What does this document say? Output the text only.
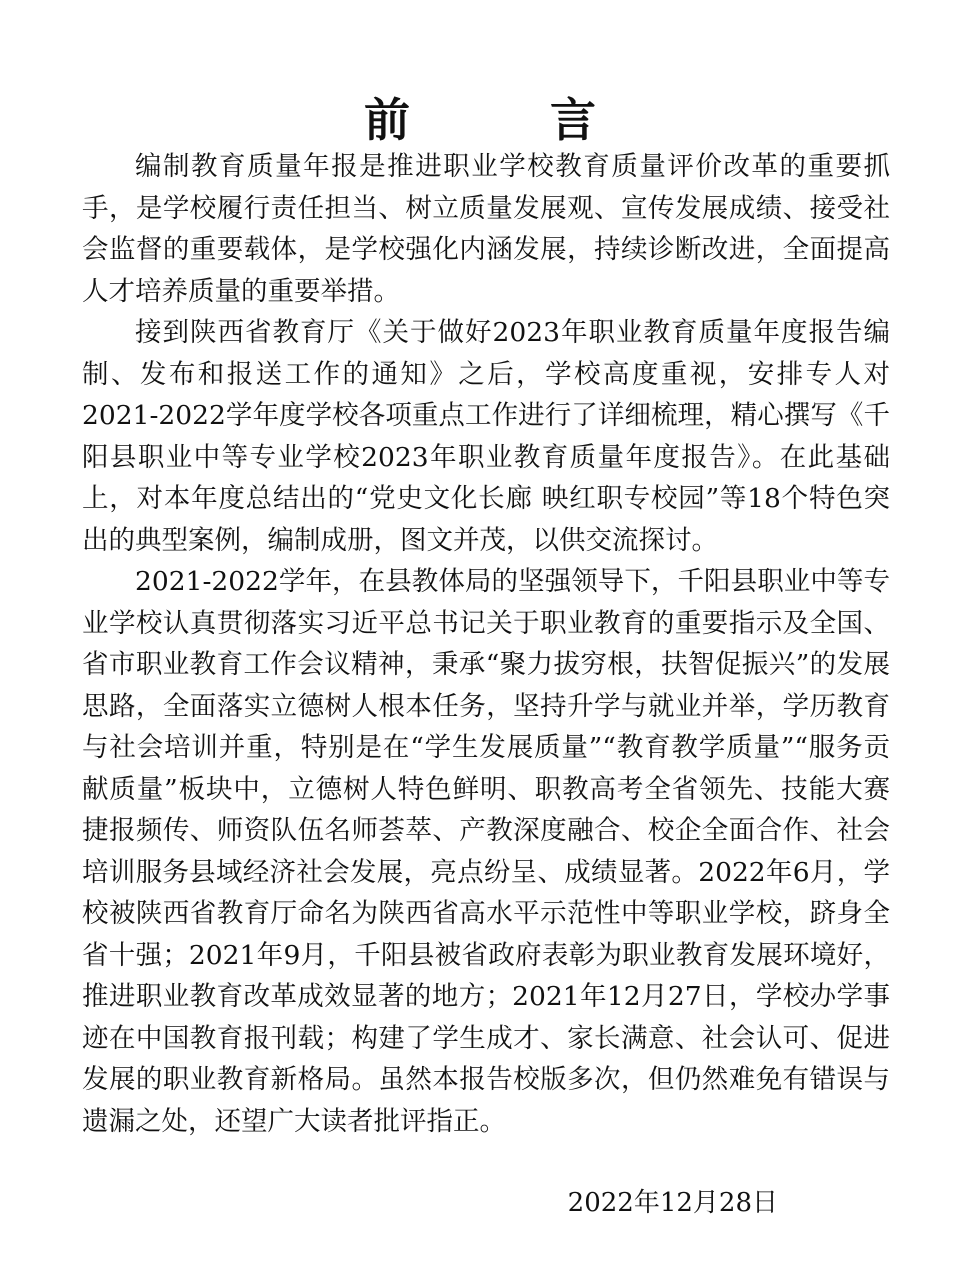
前 言

编制教育质量年报是推进职业学校教育质量评价改革的重要抓手，是学校履行责任担当、树立质量发展观、宣传发展成绩、接受社会监督的重要载体，是学校强化内涵发展，持续诊断改进，全面提高人才培养质量的重要举措。

接到陕西省教育厅《关于做好2023年职业教育质量年度报告编制、发布和报送工作的通知》之后，学校高度重视，安排专人对2021-2022学年度学校各项重点工作进行了详细梳理，精心撰写《千阳县职业中等专业学校2023年职业教育质量年度报告》。在此基础上，对本年度总结出的“党史文化长廊 映红职专校园”等18个特色突出的典型案例，编制成册，图文并茂，以供交流探讨。

2021-2022学年，在县教体局的坚强领导下，千阳县职业中等专业学校认真贯彻落实习近平总书记关于职业教育的重要指示及全国、省市职业教育工作会议精神，秉承“聚力拔穷根，扶智促振兴”的发展思路，全面落实立德树人根本任务，坚持升学与就业并举，学历教育与社会培训并重，特别是在“学生发展质量”“教育教学质量”“服务贡献质量”板块中，立德树人特色鲜明、职教高考全省领先、技能大赛捷报频传、师资队伍名师荟萃、产教深度融合、校企全面合作、社会培训服务县域经济社会发展，亮点纷呈、成绩显著。2022年6月，学校被陕西省教育厅命名为陕西省高水平示范性中等职业学校，跻身全省十强；2021年9月，千阳县被省政府表彰为职业教育发展环境好，推进职业教育改革成效显著的地方；2021年12月27日，学校办学事迹在中国教育报刊载；构建了学生成才、家长满意、社会认可、促进发展的职业教育新格局。虽然本报告校版多次，但仍然难免有错误与遗漏之处，还望广大读者批评指正。

2022年12月28日
